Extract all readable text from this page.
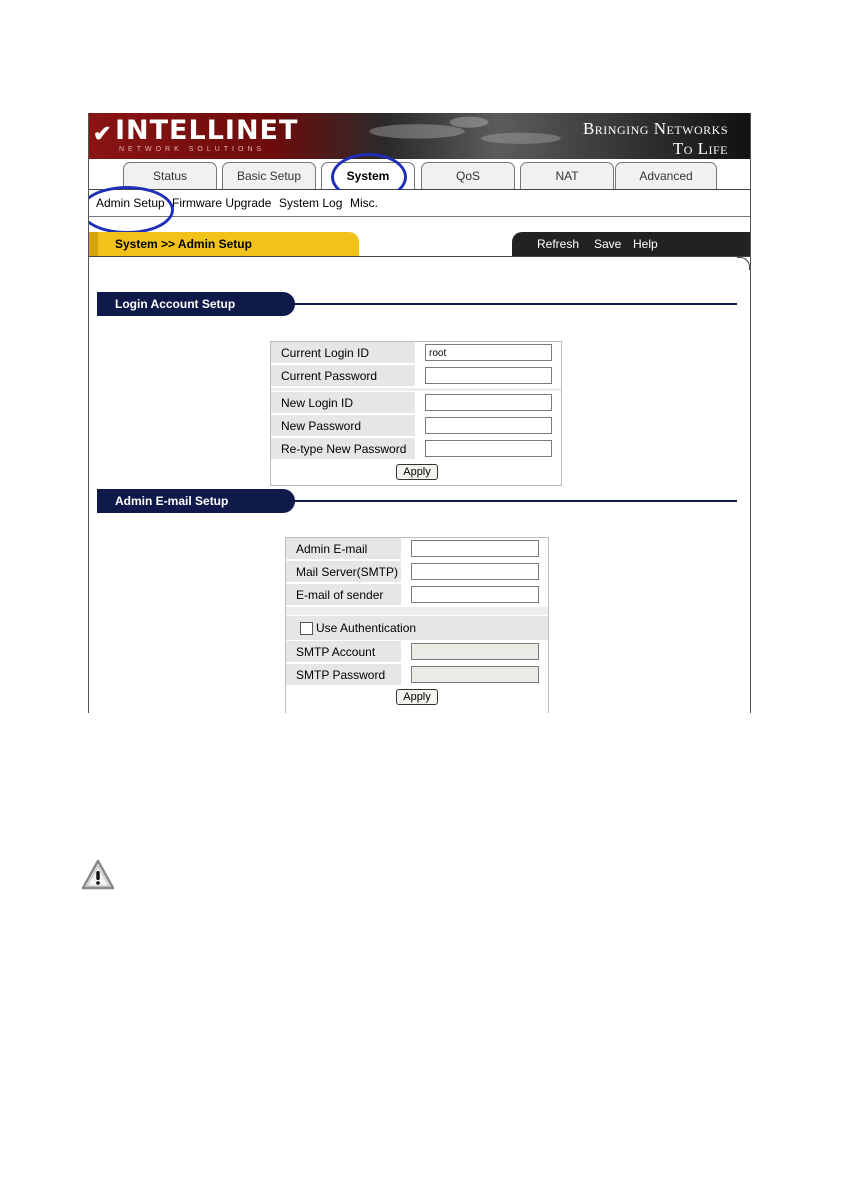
✔ INTELLINET
NETWORK SOLUTIONS
Bringing Networks
To Life
Status	Basic Setup	System	QoS	NAT	Advanced
Admin Setup Firmware Upgrade System Log Misc.
System >> Admin Setup	Refresh Save Help
Login Account Setup
Current Login ID	root
Current Password
New Login ID
New Password
Re-type New Password
Apply
Admin E-mail Setup
Admin E-mail
Mail Server(SMTP)
E-mail of sender
Use Authentication
SMTP Account
SMTP Password
Apply
